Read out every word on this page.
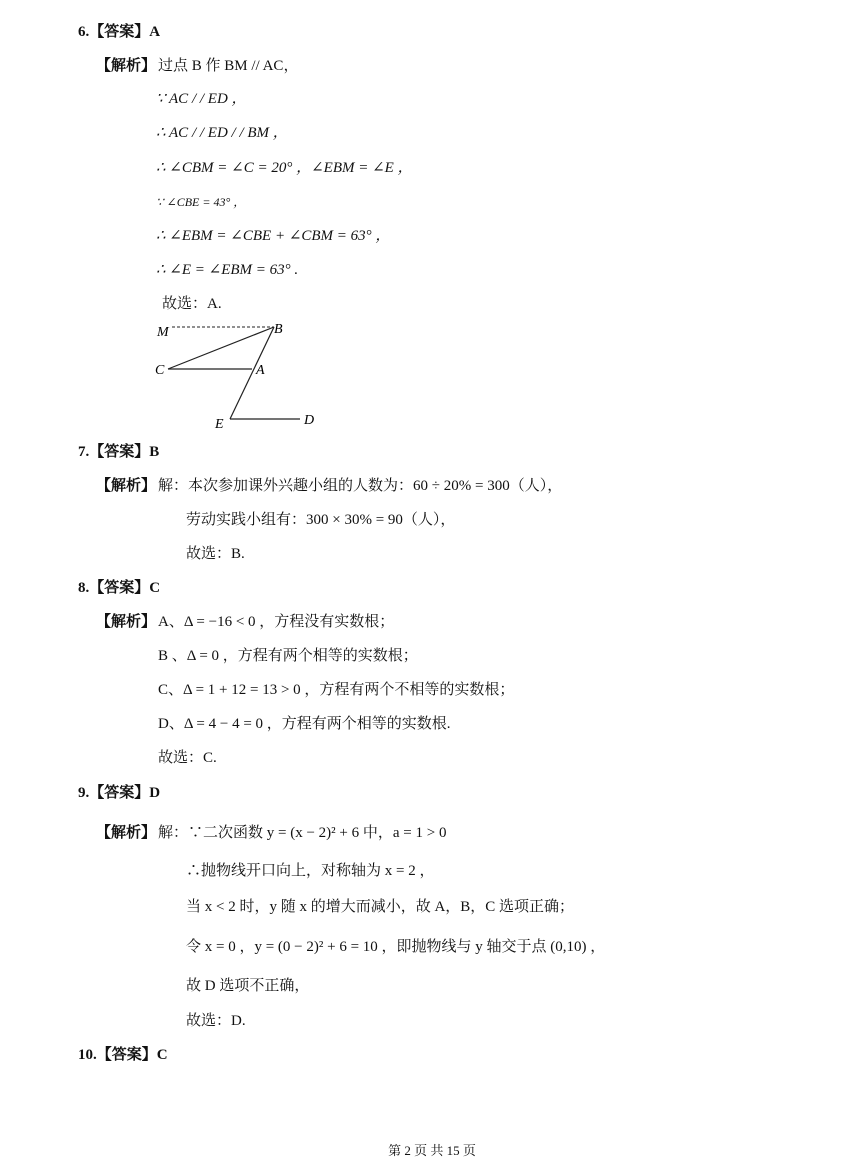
6.【答案】A
【解析】 过点 B 作 BM // AC，
∵ AC / / ED ，
∴ AC / / ED / / BM ，
∴ ∠CBM = ∠C = 20° ，∠EBM = ∠E ，
∵ ∠CBE = 43° ，
∴ ∠EBM = ∠CBE + ∠CBM = 63° ，
∴ ∠E = ∠EBM = 63° .
故选：A.
M	B
C	A
E	D
7.【答案】B
【解析】 解：本次参加课外兴趣小组的人数为：60 ÷ 20% = 300（人），
劳动实践小组有：300 × 30% = 90（人），
故选：B.
8.【答案】C
【解析】 A、Δ = −16 < 0 ，方程没有实数根；
B 、Δ = 0 ，方程有两个相等的实数根；
C、Δ = 1 + 12 = 13 > 0 ，方程有两个不相等的实数根；
D、Δ = 4 − 4 = 0 ，方程有两个相等的实数根.
故选：C.
9.【答案】D
【解析】 解：∵二次函数 y = (x − 2)² + 6 中，a = 1 > 0
∴抛物线开口向上，对称轴为 x = 2 ，
当 x < 2 时，y 随 x 的增大而减小，故 A，B，C 选项正确；
令 x = 0 ，y = (0 − 2)² + 6 = 10 ，即抛物线与 y 轴交于点 (0,10) ，
故 D 选项不正确，
故选：D.
10.【答案】C
第 2 页 共 15 页
